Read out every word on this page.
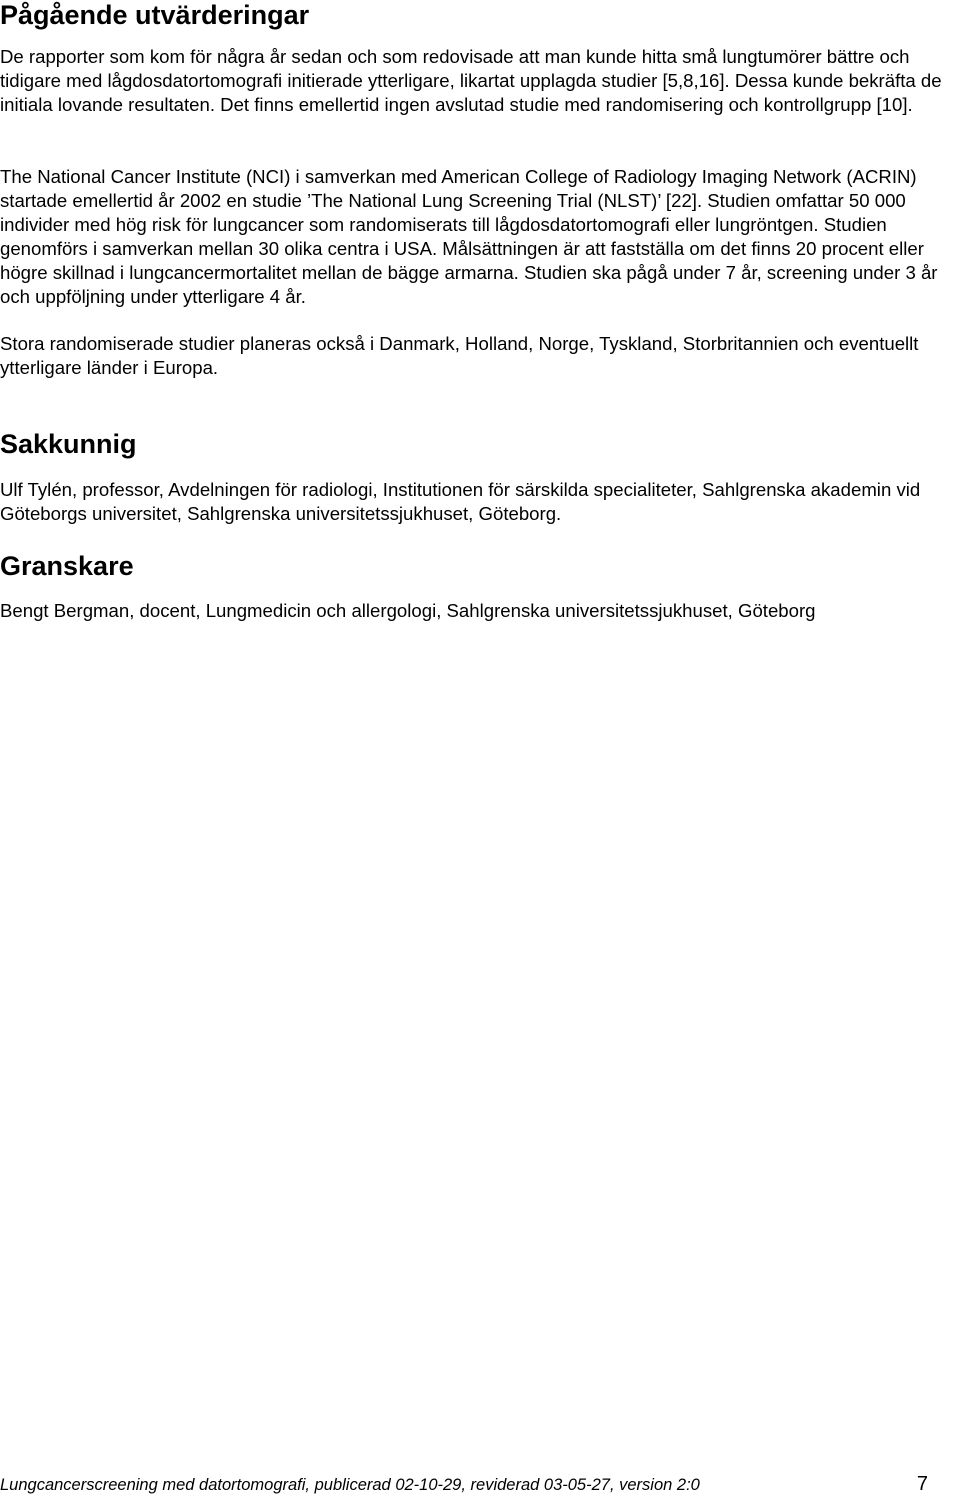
Pågående utvärderingar

De rapporter som kom för några år sedan och som redovisade att man kunde hitta små lungtumörer bättre och tidigare med lågdosdatortomografi initierade ytterligare, likartat upplagda studier [5,8,16]. Dessa kunde bekräfta de initiala lovande resultaten. Det finns emellertid ingen avslutad studie med randomisering och kontrollgrupp [10].

The National Cancer Institute (NCI) i samverkan med American College of Radiology Imaging Network (ACRIN) startade emellertid år 2002 en studie ’The National Lung Screening Trial (NLST)’ [22]. Studien omfattar 50 000 individer med hög risk för lungcancer som randomiserats till lågdosdatortomografi eller lungröntgen. Studien genomförs i samverkan mellan 30 olika centra i USA. Målsättningen är att fastställa om det finns 20 procent eller högre skillnad i lungcancermortalitet mellan de bägge armarna. Studien ska pågå under 7 år, screening under 3 år och uppföljning under ytterligare 4 år.

Stora randomiserade studier planeras också i Danmark, Holland, Norge, Tyskland, Storbritannien och eventuellt ytterligare länder i Europa.

Sakkunnig

Ulf Tylén, professor, Avdelningen för radiologi, Institutionen för särskilda specialiteter, Sahlgrenska akademin vid Göteborgs universitet, Sahlgrenska universitetssjukhuset, Göteborg.

Granskare

Bengt Bergman, docent, Lungmedicin och allergologi, Sahlgrenska universitetssjukhuset, Göteborg

Lungcancerscreening med datortomografi, publicerad 02-10-29, reviderad 03-05-27, version 2:0	7
